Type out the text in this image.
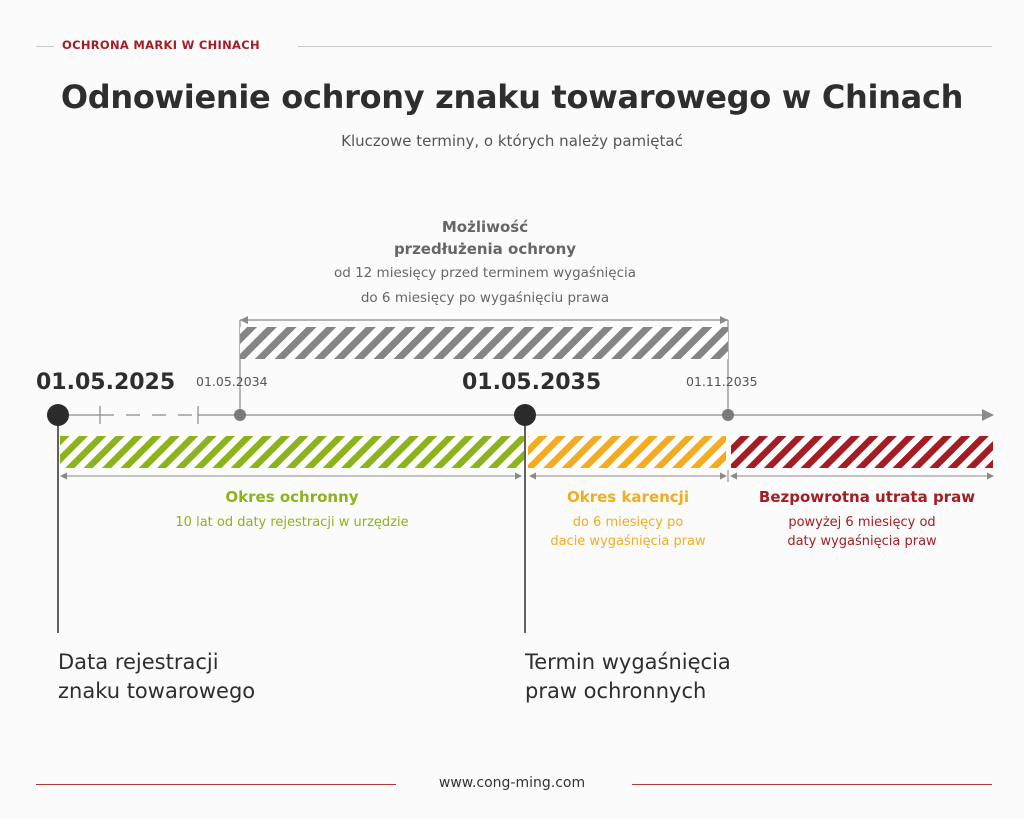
OCHRONA MARKI W CHINACH
Odnowienie ochrony znaku towarowego w Chinach
Kluczowe terminy, o których należy pamiętać
Możliwość
przedłużenia ochrony
od 12 miesięcy przed terminem wygaśnięcia
do 6 miesięcy po wygaśnięciu prawa
01.05.2025 01.05.2034	01.05.2035	01.11.2035
Okres ochronny
10 lat od daty rejestracji w urzędzie
Okres karencji
do 6 miesięcy po
dacie wygaśnięcia praw
Bezpowrotna utrata praw
powyżej 6 miesięcy od
daty wygaśnięcia praw
Data rejestracji
znaku towarowego
Termin wygaśnięcia
praw ochronnych
www.cong-ming.com
